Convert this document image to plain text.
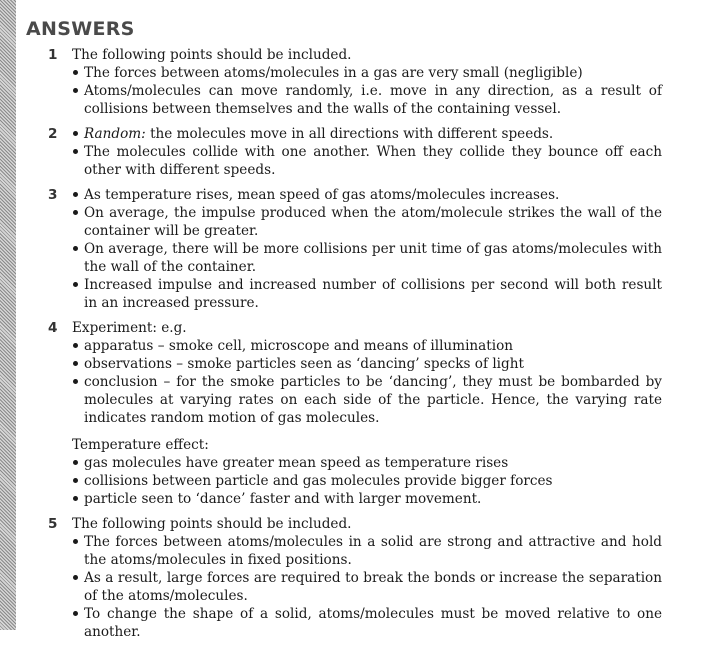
ANSWERS
1	The following points should be included.

The forces between atoms/molecules in a gas are very small (negligible)
Atoms/molecules can move randomly, i.e. move in any direction, as a result of collisions between themselves and the walls of the containing vessel.
2	Random: the molecules move in all directions with different speeds.
The molecules collide with one another. When they collide they bounce off each other with different speeds.
3	As temperature rises, mean speed of gas atoms/molecules increases.
On average, the impulse produced when the atom/molecule strikes the wall of the container will be greater.
On average, there will be more collisions per unit time of gas atoms/molecules with the wall of the container.
Increased impulse and increased number of collisions per second will both result in an increased pressure.
4	Experiment: e.g.

apparatus – smoke cell, microscope and means of illumination
observations – smoke particles seen as ‘dancing’ specks of light
conclusion – for the smoke particles to be ‘dancing’, they must be bombarded by molecules at varying rates on each side of the particle. Hence, the varying rate indicates random motion of gas molecules.

Temperature effect:

gas molecules have greater mean speed as temperature rises
collisions between particle and gas molecules provide bigger forces
particle seen to ‘dance’ faster and with larger movement.
5	The following points should be included.

The forces between atoms/molecules in a solid are strong and attractive and hold the atoms/molecules in fixed positions.
As a result, large forces are required to break the bonds or increase the separation of the atoms/molecules.
To change the shape of a solid, atoms/molecules must be moved relative to one another.
